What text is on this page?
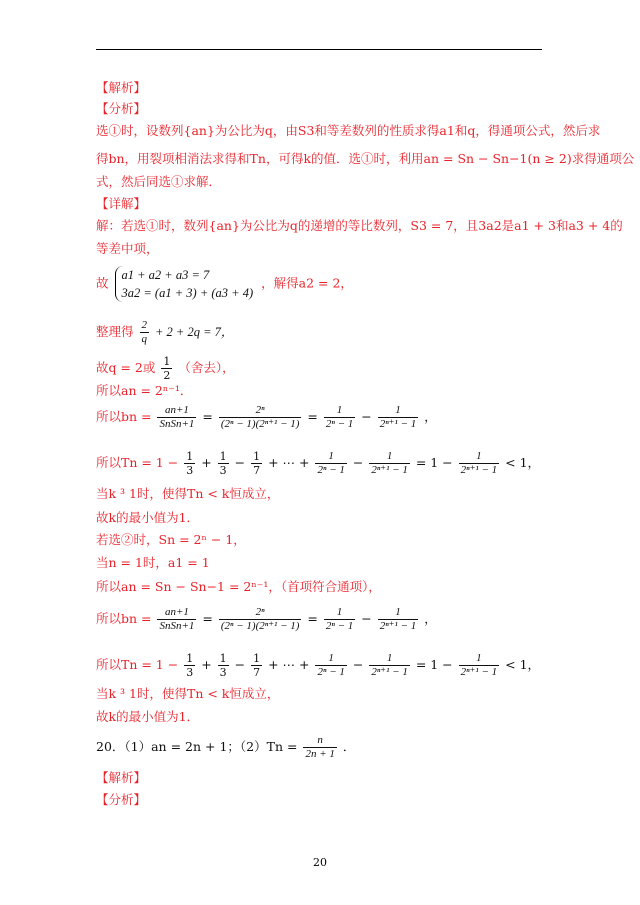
【解析】
【分析】
选①时，设数列{an}为公比为q，由S3和等差数列的性质求得a1和q，得通项公式，然后求
得bn，用裂项相消法求得和Tn，可得k的值．选①时，利用an = Sn − Sn−1(n ≥ 2)求得通项公
式，然后同选①求解．
【详解】
解：若选①时，数列{an}为公比为q的递增的等比数列，S3 = 7，且3a2是a1 + 3和a3 + 4的
等差中项，
故
a1 + a2 + a3 = 7
3a2 = (a1 + 3) + (a3 + 4)
，解得a2 = 2，
整理得 $\frac{2}{q} + 2 + 2q = 7$，
故q = 2或 $\frac{1}{2}$ （舍去），
所以an = 2ⁿ⁻¹．
所以bn = $\frac{an+1}{\text{SnSn+1}} = \frac{\text{2ⁿ}}{\text{(2ⁿ − 1)(2ⁿ⁺¹ − 1)}} = \frac{1}{\text{2ⁿ − 1}} - \frac{1}{\text{2ⁿ⁺¹ − 1}}$ ，
所以$Tn = 1 - \frac{1}{3} + \frac{1}{3} - \frac{1}{7}$ + ⋯ + $\frac{1}{\text{2ⁿ − 1}} - \frac{1}{\text{2ⁿ⁺¹ − 1}} = 1 - \frac{1}{\text{2ⁿ⁺¹ − 1}} < 1$，
当k ³ 1时，使得Tn < k恒成立，
故k的最小值为1．
若选②时，Sn = 2ⁿ − 1，
当n = 1时，a1 = 1
所以an = Sn − Sn−1 = 2ⁿ⁻¹，（首项符合通项），
所以bn = $\frac{an+1}{\text{SnSn+1}} = \frac{\text{2ⁿ}}{\text{(2ⁿ − 1)(2ⁿ⁺¹ − 1)}} = \frac{1}{\text{2ⁿ − 1}} - \frac{1}{\text{2ⁿ⁺¹ − 1}}$ ，
所以$Tn = 1 - \frac{1}{3} + \frac{1}{3} - \frac{1}{7}$ + ⋯ + $\frac{1}{\text{2ⁿ − 1}} - \frac{1}{\text{2ⁿ⁺¹ − 1}} = 1 - \frac{1}{\text{2ⁿ⁺¹ − 1}} < 1$，
当k ³ 1时，使得Tn < k恒成立，
故k的最小值为1．
20．（1）an = 2n + 1；$(2)Tn = \frac{n}{2n + 1}$ ．
【解析】
【分析】
20
